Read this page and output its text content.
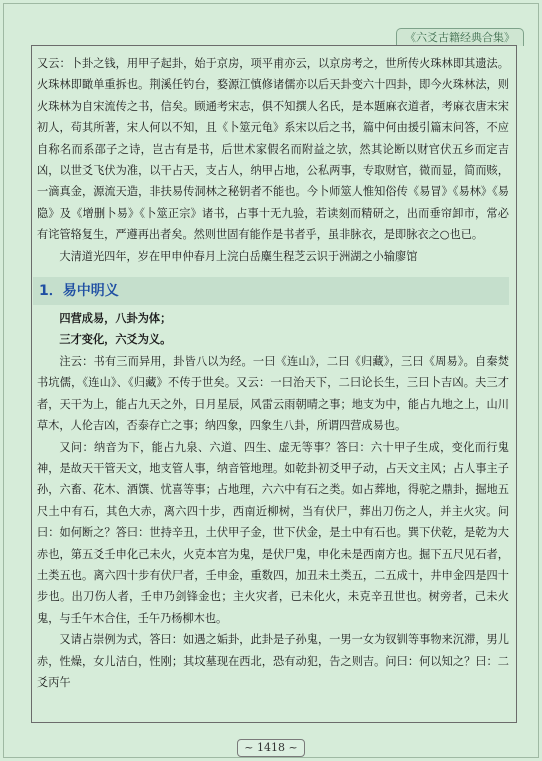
《六爻古籍经典合集》

又云：卜卦之钱，用甲子起卦，始于京房，项平甫亦云，以京房考之，世所传火珠林即其遗法。火珠林即瞰单重拆也。荆溪任钓台，婺源江慎修诸儒亦以后天卦变六十四卦，即今火珠林法，则火珠林为自宋流传之书，信矣。顾通考宋志，俱不知撰人名氏，是本题麻衣道者，考麻衣唐末宋初人，茍其所著，宋人何以不知，且《卜筮元龟》系宋以后之书，篇中何由援引篇末问答，不应自称名而系邵子之诗，岂古有是书，后世术家假名而附益之欤，然其论断以财官伏五乡而定吉凶，以世爻飞伏为准，以干占天，支占人，纳甲占地，公私两事，专取财官，微而显，简而赅，一滴真金，源流天造，非扶易传洞林之秘钥者不能也。今卜师筮人惟知俗传《易冒》《易林》《易隐》及《增删卜易》《卜筮正宗》诸书，占事十无九验，若读刻而精研之，出而垂帘卸市，常必有诧管辂复生，严遵再出者矣。然则世固有能作是书者乎，虽非脉衣，是即脉衣之○也已。

大清道光四年，岁在甲申仲春月上浣白岳麋生程芝云识于洲湖之小输廖馆

1．易中明义

四营成易，八卦为体；

三才变化，六爻为义。

注云：书有三而异用，卦皆八以为经。一曰《连山》，二曰《归藏》，三曰《周易》。自秦焚书坑儒，《连山》、《归藏》不传于世矣。又云：一曰治天下，二曰论长生，三曰卜吉凶。夫三才者，天干为上，能占九天之外，日月星辰，风雷云雨朝晴之事；地支为中，能占九地之上，山川草木，人伦吉凶，否泰存亡之事；纳四象，四象生八卦，所谓四营成易也。

又问：纳音为下，能占九泉、六道、四生、虚无等事？答曰：六十甲子生成，变化而行鬼神，是故天干管天文，地支管人事，纳音管地理。如乾卦初爻甲子动，占天文主风；占人事主子孙，六畜、花木、酒馔、忧喜等事；占地理，六六中有石之类。如占葬地，得驼之鼎卦，掘地五尺土中有石，其色大赤，离六四十步，西南近柳树，当有伏尸，葬出刀伤之人，并主火灾。问曰：如何断之？答曰：世持辛丑，土伏甲子金，世下伏金，是土中有石也。巽下伏乾，是乾为大赤也，第五爻壬申化己未火，火克本宫为鬼，是伏尸鬼，申化未是西南方也。掘下五尺见石者，土类五也。离六四十步有伏尸者，壬申金，重数四，加丑未土类五，二五成十，井申金四是四十步也。出刀伤人者，壬申乃剑锋金也；主火灾者，已未化火，未克辛丑世也。树旁者，己未火鬼，与壬午木合住，壬午乃杨柳木也。

又请占崇例为式，答曰：如遇之姤卦，此卦是子孙鬼，一男一女为钗钏等事物来沉滞，男儿赤，性燥，女儿洁白，性刚；其坟墓现在西北，恐有动犯，告之则吉。问曰：何以知之？曰：二爻丙午

~ 1418 ~
